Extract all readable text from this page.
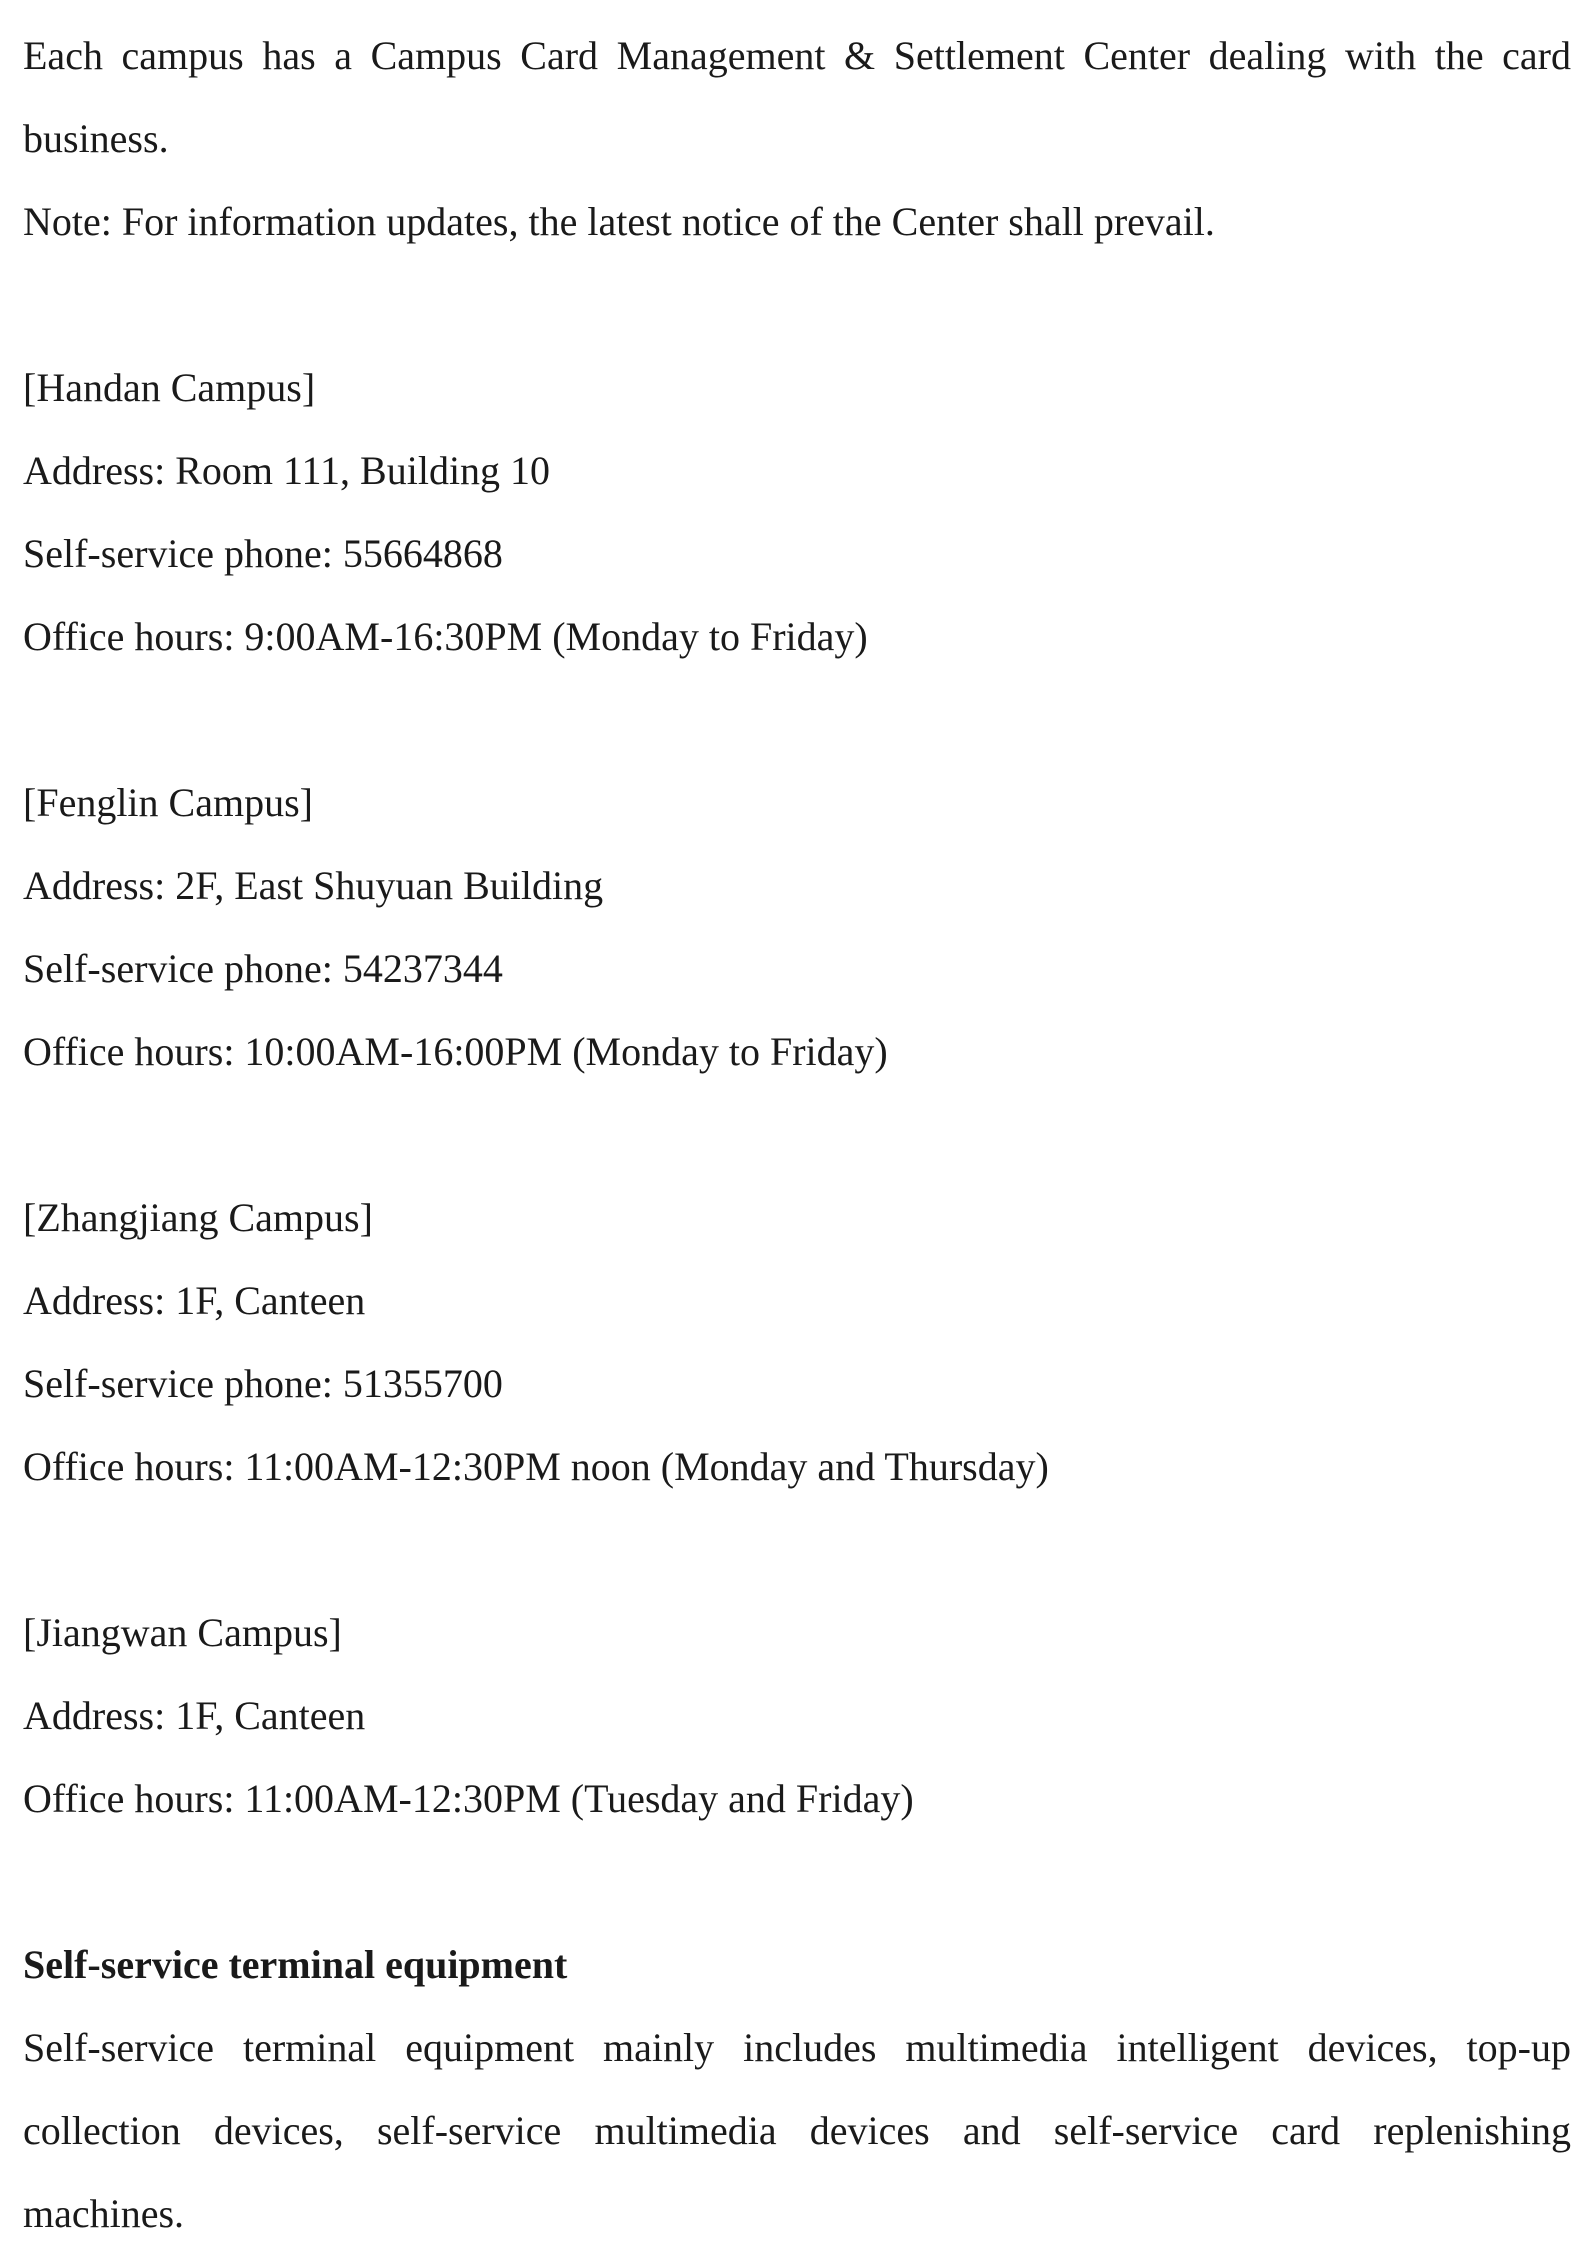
Each campus has a Campus Card Management & Settlement Center dealing with the card
business.
Note: For information updates, the latest notice of the Center shall prevail.
[Handan Campus]
Address: Room 111, Building 10
Self-service phone: 55664868
Office hours: 9:00AM-16:30PM (Monday to Friday)
[Fenglin Campus]
Address: 2F, East Shuyuan Building
Self-service phone: 54237344
Office hours: 10:00AM-16:00PM (Monday to Friday)
[Zhangjiang Campus]
Address: 1F, Canteen
Self-service phone: 51355700
Office hours: 11:00AM-12:30PM noon (Monday and Thursday)
[Jiangwan Campus]
Address: 1F, Canteen
Office hours: 11:00AM-12:30PM (Tuesday and Friday)
Self-service terminal equipment
Self-service terminal equipment mainly includes multimedia intelligent devices, top-up
collection devices, self-service multimedia devices and self-service card replenishing
machines.
